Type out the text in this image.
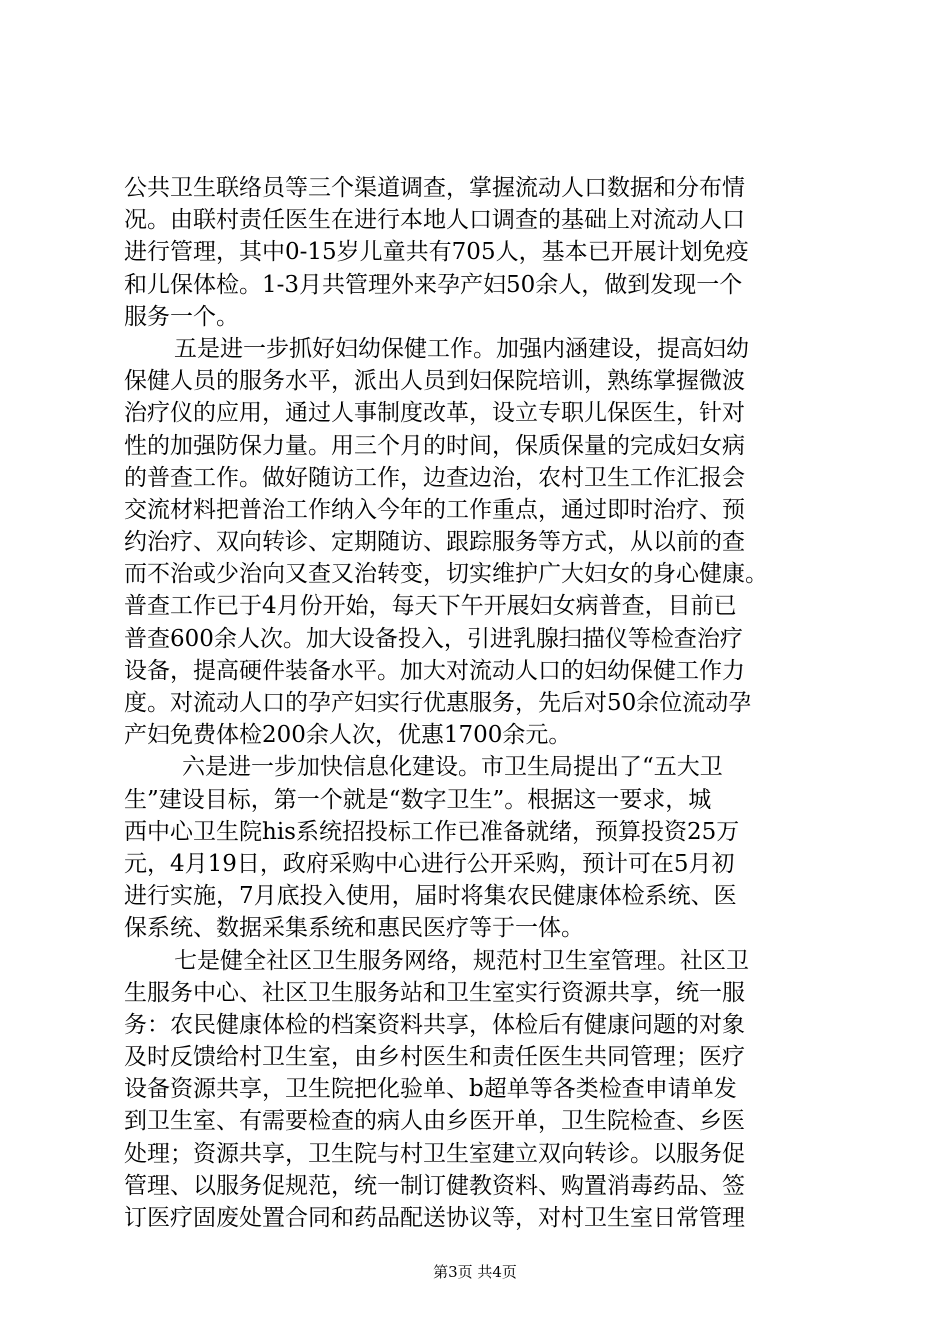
公共卫生联络员等三个渠道调查，掌握流动人口数据和分布情
况。由联村责任医生在进行本地人口调查的基础上对流动人口
进行管理，其中0-15岁儿童共有705人，基本已开展计划免疫
和儿保体检。1-3月共管理外来孕产妇50余人，做到发现一个
服务一个。
五是进一步抓好妇幼保健工作。加强内涵建设，提高妇幼
保健人员的服务水平，派出人员到妇保院培训，熟练掌握微波
治疗仪的应用，通过人事制度改革，设立专职儿保医生，针对
性的加强防保力量。用三个月的时间，保质保量的完成妇女病
的普查工作。做好随访工作，边查边治，农村卫生工作汇报会
交流材料把普治工作纳入今年的工作重点，通过即时治疗、预
约治疗、双向转诊、定期随访、跟踪服务等方式，从以前的查
而不治或少治向又查又治转变，切实维护广大妇女的身心健康。
普查工作已于4月份开始，每天下午开展妇女病普查，目前已
普查600余人次。加大设备投入，引进乳腺扫描仪等检查治疗
设备，提高硬件装备水平。加大对流动人口的妇幼保健工作力
度。对流动人口的孕产妇实行优惠服务，先后对50余位流动孕
产妇免费体检200余人次，优惠1700余元。
六是进一步加快信息化建设。市卫生局提出了“五大卫
生”建设目标，第一个就是“数字卫生”。根据这一要求，城
西中心卫生院his系统招投标工作已准备就绪，预算投资25万
元，4月19日，政府采购中心进行公开采购，预计可在5月初
进行实施，7月底投入使用，届时将集农民健康体检系统、医
保系统、数据采集系统和惠民医疗等于一体。
七是健全社区卫生服务网络，规范村卫生室管理。社区卫
生服务中心、社区卫生服务站和卫生室实行资源共享，统一服
务：农民健康体检的档案资料共享，体检后有健康问题的对象
及时反馈给村卫生室，由乡村医生和责任医生共同管理；医疗
设备资源共享，卫生院把化验单、b超单等各类检查申请单发
到卫生室、有需要检查的病人由乡医开单，卫生院检查、乡医
处理；资源共享，卫生院与村卫生室建立双向转诊。以服务促
管理、以服务促规范，统一制订健教资料、购置消毒药品、签
订医疗固废处置合同和药品配送协议等，对村卫生室日常管理
第3页 共4页
